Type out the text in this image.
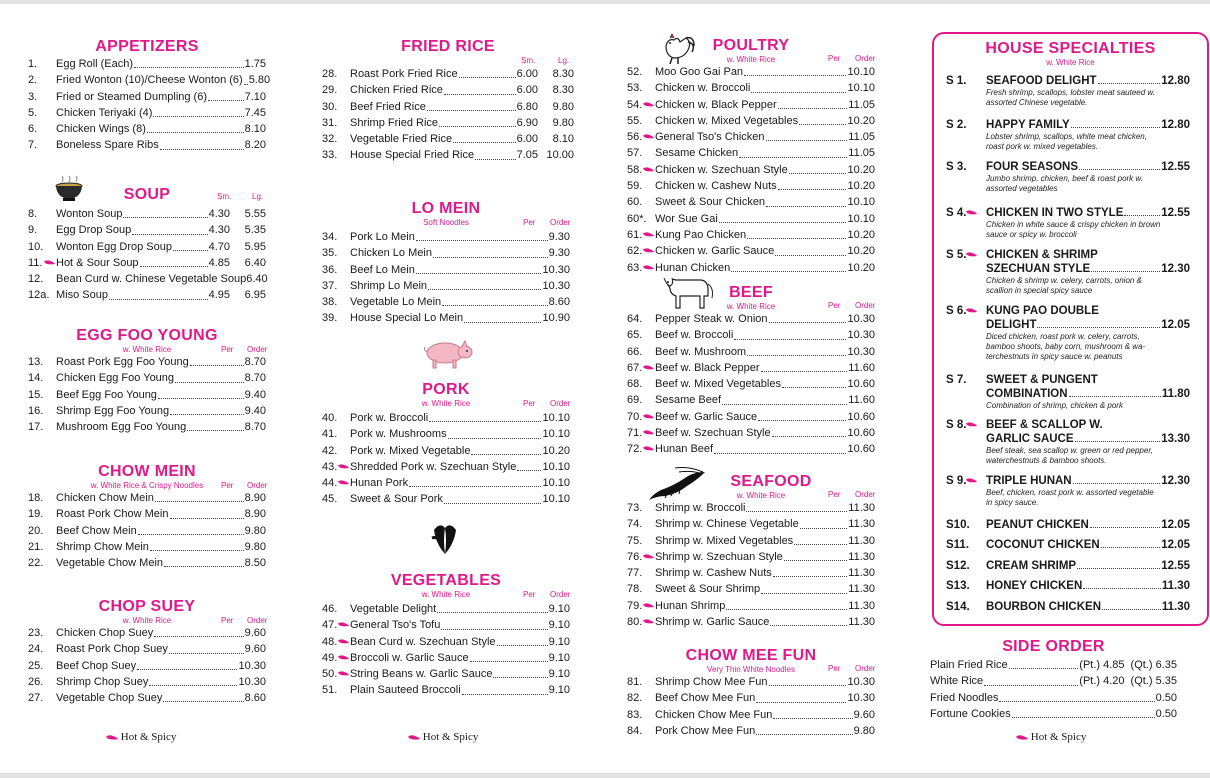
APPETIZERS
1.	Egg Roll (Each)	1.75
2.	Fried Wonton (10)/Cheese Wonton (6) 5.80
3.	Fried or Steamed Dumpling (6)	7.10
5.	Chicken Teriyaki (4)	7.45
6.	Chicken Wings (8)	8.10
7.	Boneless Spare Ribs	8.20
SOUP	Sm.	Lg.
8.	Wonton Soup	4.30	5.55
9.	Egg Drop Soup	4.30	5.35
10.	Wonton Egg Drop Soup	4.70	5.95
11.	Hot & Sour Soup	4.85	6.40
12.	Bean Curd w. Chinese Vegetable Soup 6.40
12a. Miso Soup	4.95	6.95
EGG FOO YOUNG
w. White Rice	Per Order
13.	Roast Pork Egg Foo Young	8.70
14.	Chicken Egg Foo Young	8.70
15.	Beef Egg Foo Young	9.40
16.	Shrimp Egg Foo Young	9.40
17.	Mushroom Egg Foo Young	8.70
CHOW MEIN
w. White Rice & Crispy Noodles	Per Order
18.	Chicken Chow Mein	8.90
19.	Roast Pork Chow Mein	8.90
20.	Beef Chow Mein	9.80
21.	Shrimp Chow Mein	9.80
22.	Vegetable Chow Mein	8.50
CHOP SUEY
w. White Rice	Per Order
23.	Chicken Chop Suey	9.60
24.	Roast Pork Chop Suey	9.60
25.	Beef Chop Suey	10.30
26.	Shrimp Chop Suey	10.30
27.	Vegetable Chop Suey	8.60
Hot & Spicy
FRIED RICE
Sm.	Lg.
28.	Roast Pork Fried Rice	6.00	8.30
29.	Chicken Fried Rice	6.00	8.30
30.	Beef Fried Rice	6.80	9.80
31.	Shrimp Fried Rice	6.90	9.80
32.	Vegetable Fried Rice	6.00	8.10
33.	House Special Fried Rice	7.05 10.00
LO MEIN
Soft Noodles	Per Order
34.	Pork Lo Mein	9.30
35.	Chicken Lo Mein	9.30
36.	Beef Lo Mein	10.30
37.	Shrimp Lo Mein	10.30
38.	Vegetable Lo Mein	8.60
39.	House Special Lo Mein	10.90
PORK
w. White Rice	Per Order
40.	Pork w. Broccoli	10.10
41.	Pork w. Mushrooms	10.10
42.	Pork w. Mixed Vegetable	10.20
43.	Shredded Pork w. Szechuan Style 10.10
44.	Hunan Pork	10.10
45.	Sweet & Sour Pork	10.10
VEGETABLES
w. White Rice	Per Order
46.	Vegetable Delight	9.10
47.	General Tso's Tofu	9.10
48.	Bean Curd w. Szechuan Style	9.10
49.	Broccoli w. Garlic Sauce	9.10
50.	String Beans w. Garlic Sauce	9.10
51.	Plain Sauteed Broccoli	9.10
Hot & Spicy
POULTRY
w. White Rice	Per Order
52.	Moo Goo Gai Pan	10.10
53.	Chicken w. Broccoli	10.10
54.	Chicken w. Black Pepper	11.05
55.	Chicken w. Mixed Vegetables	10.20
56.	General Tso's Chicken	11.05
57.	Sesame Chicken	11.05
58.	Chicken w. Szechuan Style	10.20
59.	Chicken w. Cashew Nuts	10.20
60.	Sweet & Sour Chicken	10.10
60*. Wor Sue Gai	10.10
61.	Kung Pao Chicken	10.20
62.	Chicken w. Garlic Sauce	10.20
63.	Hunan Chicken	10.20
BEEF
w. White Rice	Per Order
64.	Pepper Steak w. Onion	10.30
65.	Beef w. Broccoli	10.30
66.	Beef w. Mushroom	10.30
67.	Beef w. Black Pepper	11.60
68.	Beef w. Mixed Vegetables	10.60
69.	Sesame Beef	11.60
70.	Beef w. Garlic Sauce	10.60
71.	Beef w. Szechuan Style	10.60
72.	Hunan Beef	10.60
SEAFOOD
w. White Rice	Per Order
73.	Shrimp w. Broccoli	11.30
74.	Shrimp w. Chinese Vegetable	11.30
75.	Shrimp w. Mixed Vegetables	11.30
76.	Shrimp w. Szechuan Style	11.30
77.	Shrimp w. Cashew Nuts	11.30
78.	Sweet & Sour Shrimp	11.30
79.	Hunan Shrimp	11.30
80.	Shrimp w. Garlic Sauce	11.30
CHOW MEE FUN
Very Thin White Noodles	Per Order
81.	Shrimp Chow Mee Fun	10.30
82.	Beef Chow Mee Fun	10.30
83.	Chicken Chow Mee Fun	9.60
84.	Pork Chow Mee Fun	9.80
HOUSE SPECIALTIES
w. White Rice
S 1.	SEAFOOD DELIGHT	12.80
Fresh shrimp, scallops, lobster meat sauteed w.
assorted Chinese vegetable.
S 2.	HAPPY FAMILY	12.80
Lobster shrimp, scallops, white meat chicken,
roast pork w. mixed vegetables.
S 3.	FOUR SEASONS	12.55
Jumbo shrimp, chicken, beef & roast pork w.
assorted vegetables
S 4.	CHICKEN IN TWO STYLE	12.55
Chicken in white sauce & crispy chicken in brown
sauce or spicy w. broccoli
S 5.	CHICKEN & SHRIMP
SZECHUAN STYLE	12.30
Chicken & shrimp w. celery, carrots, onion &
scallion in special spicy sauce
S 6.	KUNG PAO DOUBLE
DELIGHT	12.05
Diced chicken, roast pork w. celery, carrots,
bamboo shoots, baby corn, mushroom & wa-
terchestnuts in spicy sauce w. peanuts
S 7.	SWEET & PUNGENT
COMBINATION	11.80
Combination of shrimp, chicken & pork
S 8.	BEEF & SCALLOP W.
GARLIC SAUCE	13.30
Beef steak, sea scallop w. green or red pepper,
waterchestnuts & bamboo shoots.
S 9.	TRIPLE HUNAN	12.30
Beef, chicken, roast pork w. assorted vegetable
in spicy sauce.
S10.	PEANUT CHICKEN	12.05
S11.	COCONUT CHICKEN	12.05
S12.	CREAM SHRIMP	12.55
S13.	HONEY CHICKEN	11.30
S14.	BOURBON CHICKEN	11.30
SIDE ORDER
Plain Fried Rice	(Pt.) 4.85 (Qt.) 6.35
White Rice	(Pt.) 4.20 (Qt.) 5.35
Fried Noodles	0.50
Fortune Cookies	0.50
Hot & Spicy
